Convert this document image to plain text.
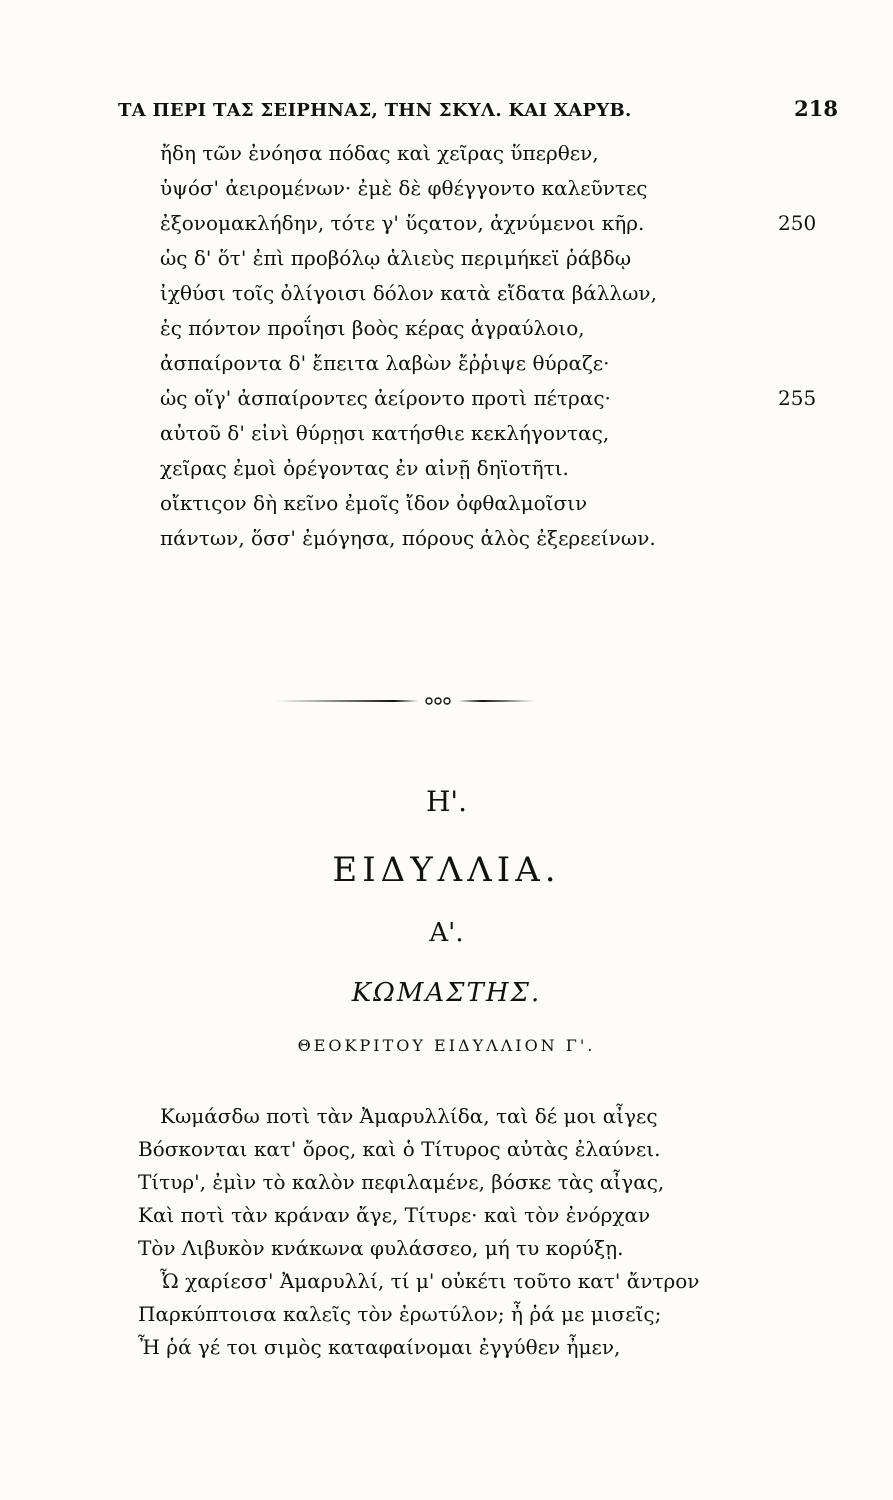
ΤΑ ΠΕΡΙ ΤΑΣ ΣΕΙΡΗΝΑΣ, ΤΗΝ ΣΚΥΛ. ΚΑΙ ΧΑΡΥΒ.	218
ἤδη τῶν ἐνόησα πόδας καὶ χεῖρας ὕπερθεν,
ὑψόσ' ἀειρομένων· ἐμὲ δὲ φθέγγοντο καλεῦντες
ἐξονομακλήδην, τότε γ' ὕςατον, ἀχνύμενοι κῆρ.	250
ὡς δ' ὅτ' ἐπὶ προβόλῳ ἁλιεὺς περιμήκεϊ ῥάβδῳ
ἰχθύσι τοῖς ὀλίγοισι δόλον κατὰ εἴδατα βάλλων,
ἐς πόντον προΐησι βοὸς κέρας ἀγραύλοιο,
ἀσπαίροντα δ' ἔπειτα λαβὼν ἔῤῥιψε θύραζε·
ὡς οἵγ' ἀσπαίροντες ἀείροντο προτὶ πέτρας·	255
αὐτοῦ δ' εἰνὶ θύρῃσι κατήσθιε κεκλήγοντας,
χεῖρας ἐμοὶ ὀρέγοντας ἐν αἰνῇ δηϊοτῆτι.
οἴκτιςον δὴ κεῖνο ἐμοῖς ἴδον ὀφθαλμοῖσιν
πάντων, ὅσσ' ἐμόγησα, πόρους ἁλὸς ἐξερεείνων.
Η'.
ΕΙΔΥΛΛΙΑ.
Α'.
ΚΩΜΑΣΤΗΣ.
ΘΕΟΚΡΙΤΟΥ ΕΙΔΥΛΛΙΟΝ Γ'.
Κωμάσδω ποτὶ τὰν Ἀμαρυλλίδα, ταὶ δέ μοι αἶγες
Βόσκονται κατ' ὄρος, καὶ ὁ Τίτυρος αὐτὰς ἐλαύνει.
Τίτυρ', ἐμὶν τὸ καλὸν πεφιλαμένε, βόσκε τὰς αἶγας,
Καὶ ποτὶ τὰν κράναν ἄγε, Τίτυρε· καὶ τὸν ἐνόρχαν
Τὸν Λιβυκὸν κνάκωνα φυλάσσεο, μή τυ κορύξῃ.
Ὦ χαρίεσσ' Ἀμαρυλλί, τί μ' οὐκέτι τοῦτο κατ' ἄντρον
Παρκύπτοισα καλεῖς τὸν ἐρωτύλον; ἦ ῥά με μισεῖς;
Ἦ ῥά γέ τοι σιμὸς καταφαίνομαι ἐγγύθεν ἦμεν,
